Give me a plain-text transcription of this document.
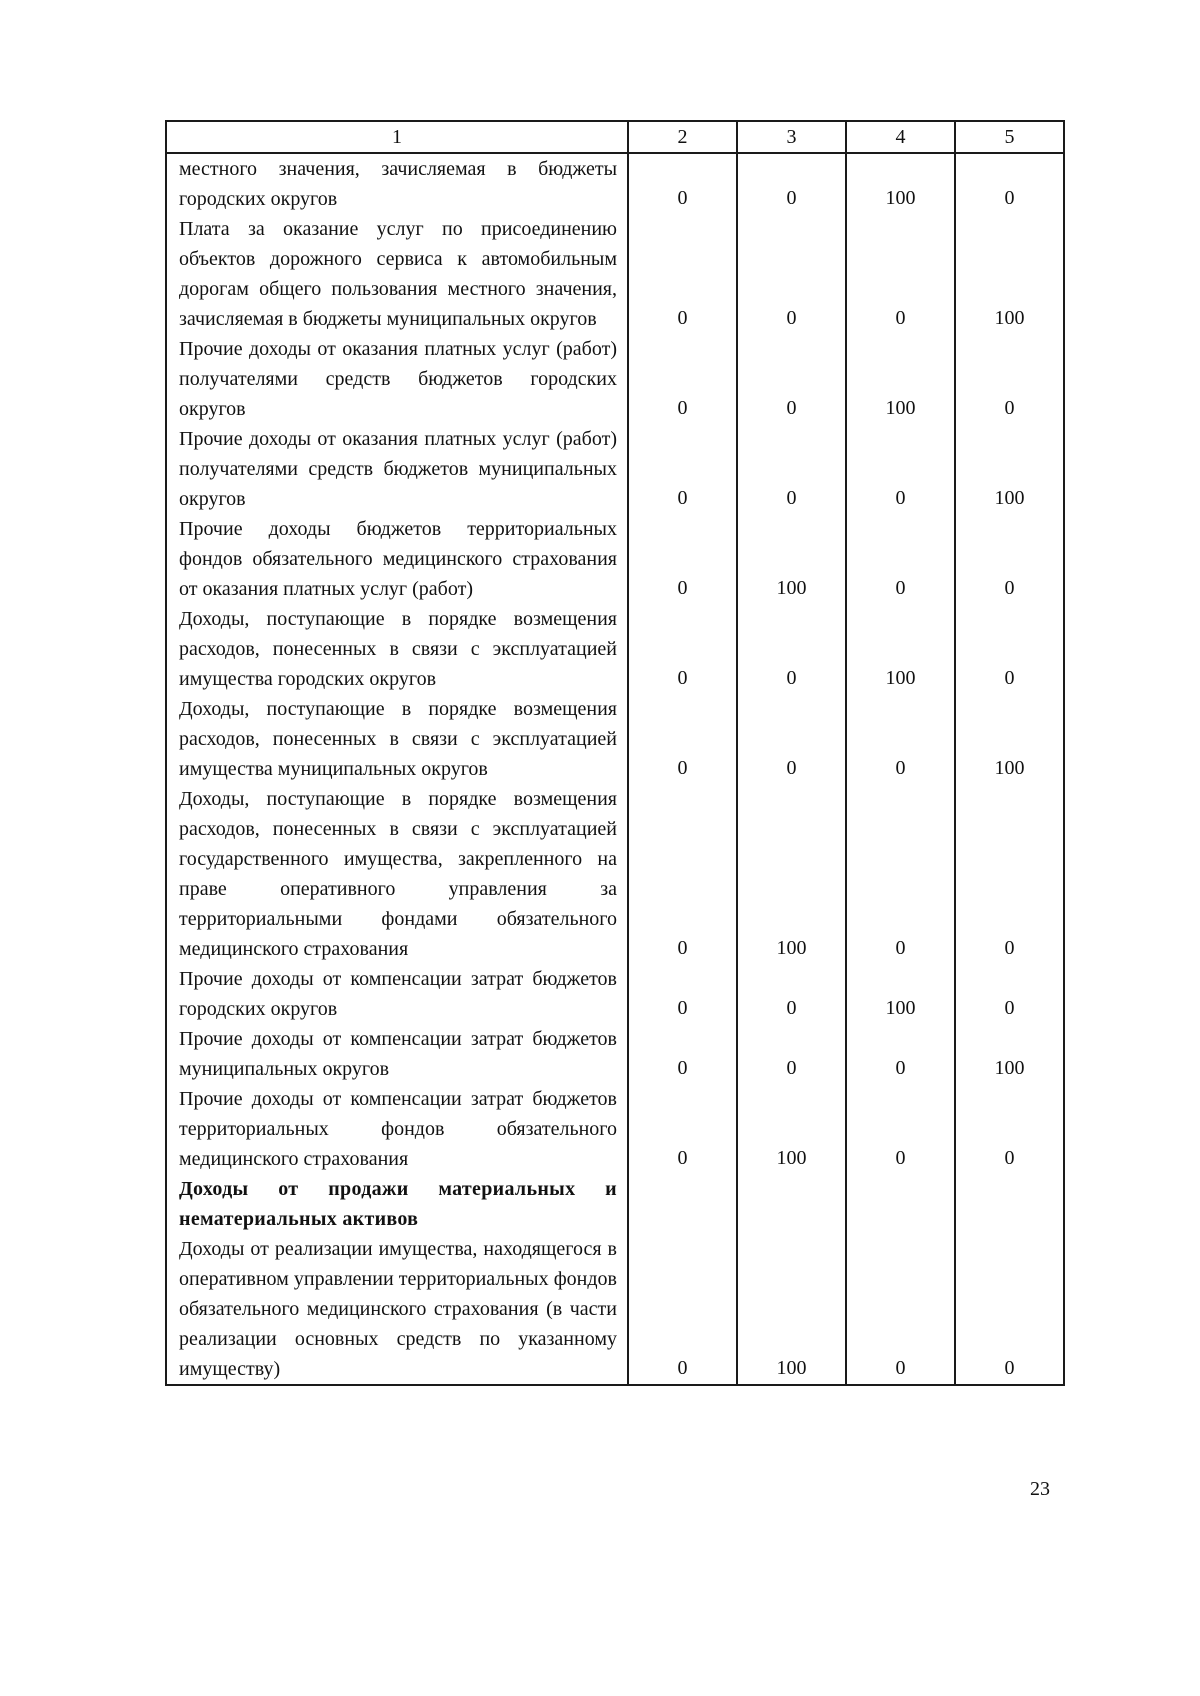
1	2	3	4	5
местного значения, зачисляемая в бюджеты городских округов	0	0	100	0
Плата за оказание услуг по присоединению объектов дорожного сервиса к автомобильным дорогам общего пользования местного значения, зачисляемая в бюджеты муниципальных округов	0	0	0	100
Прочие доходы от оказания платных услуг (работ) получателями средств бюджетов городских округов	0	0	100	0
Прочие доходы от оказания платных услуг (работ) получателями средств бюджетов муниципальных округов	0	0	0	100
Прочие доходы бюджетов территориальных фондов обязательного медицинского страхования от оказания платных услуг (работ)	0	100	0	0
Доходы, поступающие в порядке возмещения расходов, понесенных в связи с эксплуатацией имущества городских округов	0	0	100	0
Доходы, поступающие в порядке возмещения расходов, понесенных в связи с эксплуатацией имущества муниципальных округов	0	0	0	100
Доходы, поступающие в порядке возмещения расходов, понесенных в связи с эксплуатацией государственного имущества, закрепленного на праве оперативного управления за территориальными фондами обязательного медицинского страхования	0	100	0	0
Прочие доходы от компенсации затрат бюджетов городских округов	0	0	100	0
Прочие доходы от компенсации затрат бюджетов муниципальных округов	0	0	0	100
Прочие доходы от компенсации затрат бюджетов территориальных фондов обязательного медицинского страхования	0	100	0	0
Доходы от продажи материальных и нематериальных активов				
Доходы от реализации имущества, находящегося в оперативном управлении территориальных фондов обязательного медицинского страхования (в части реализации основных средств по указанному имуществу)	0	100	0	0
23
